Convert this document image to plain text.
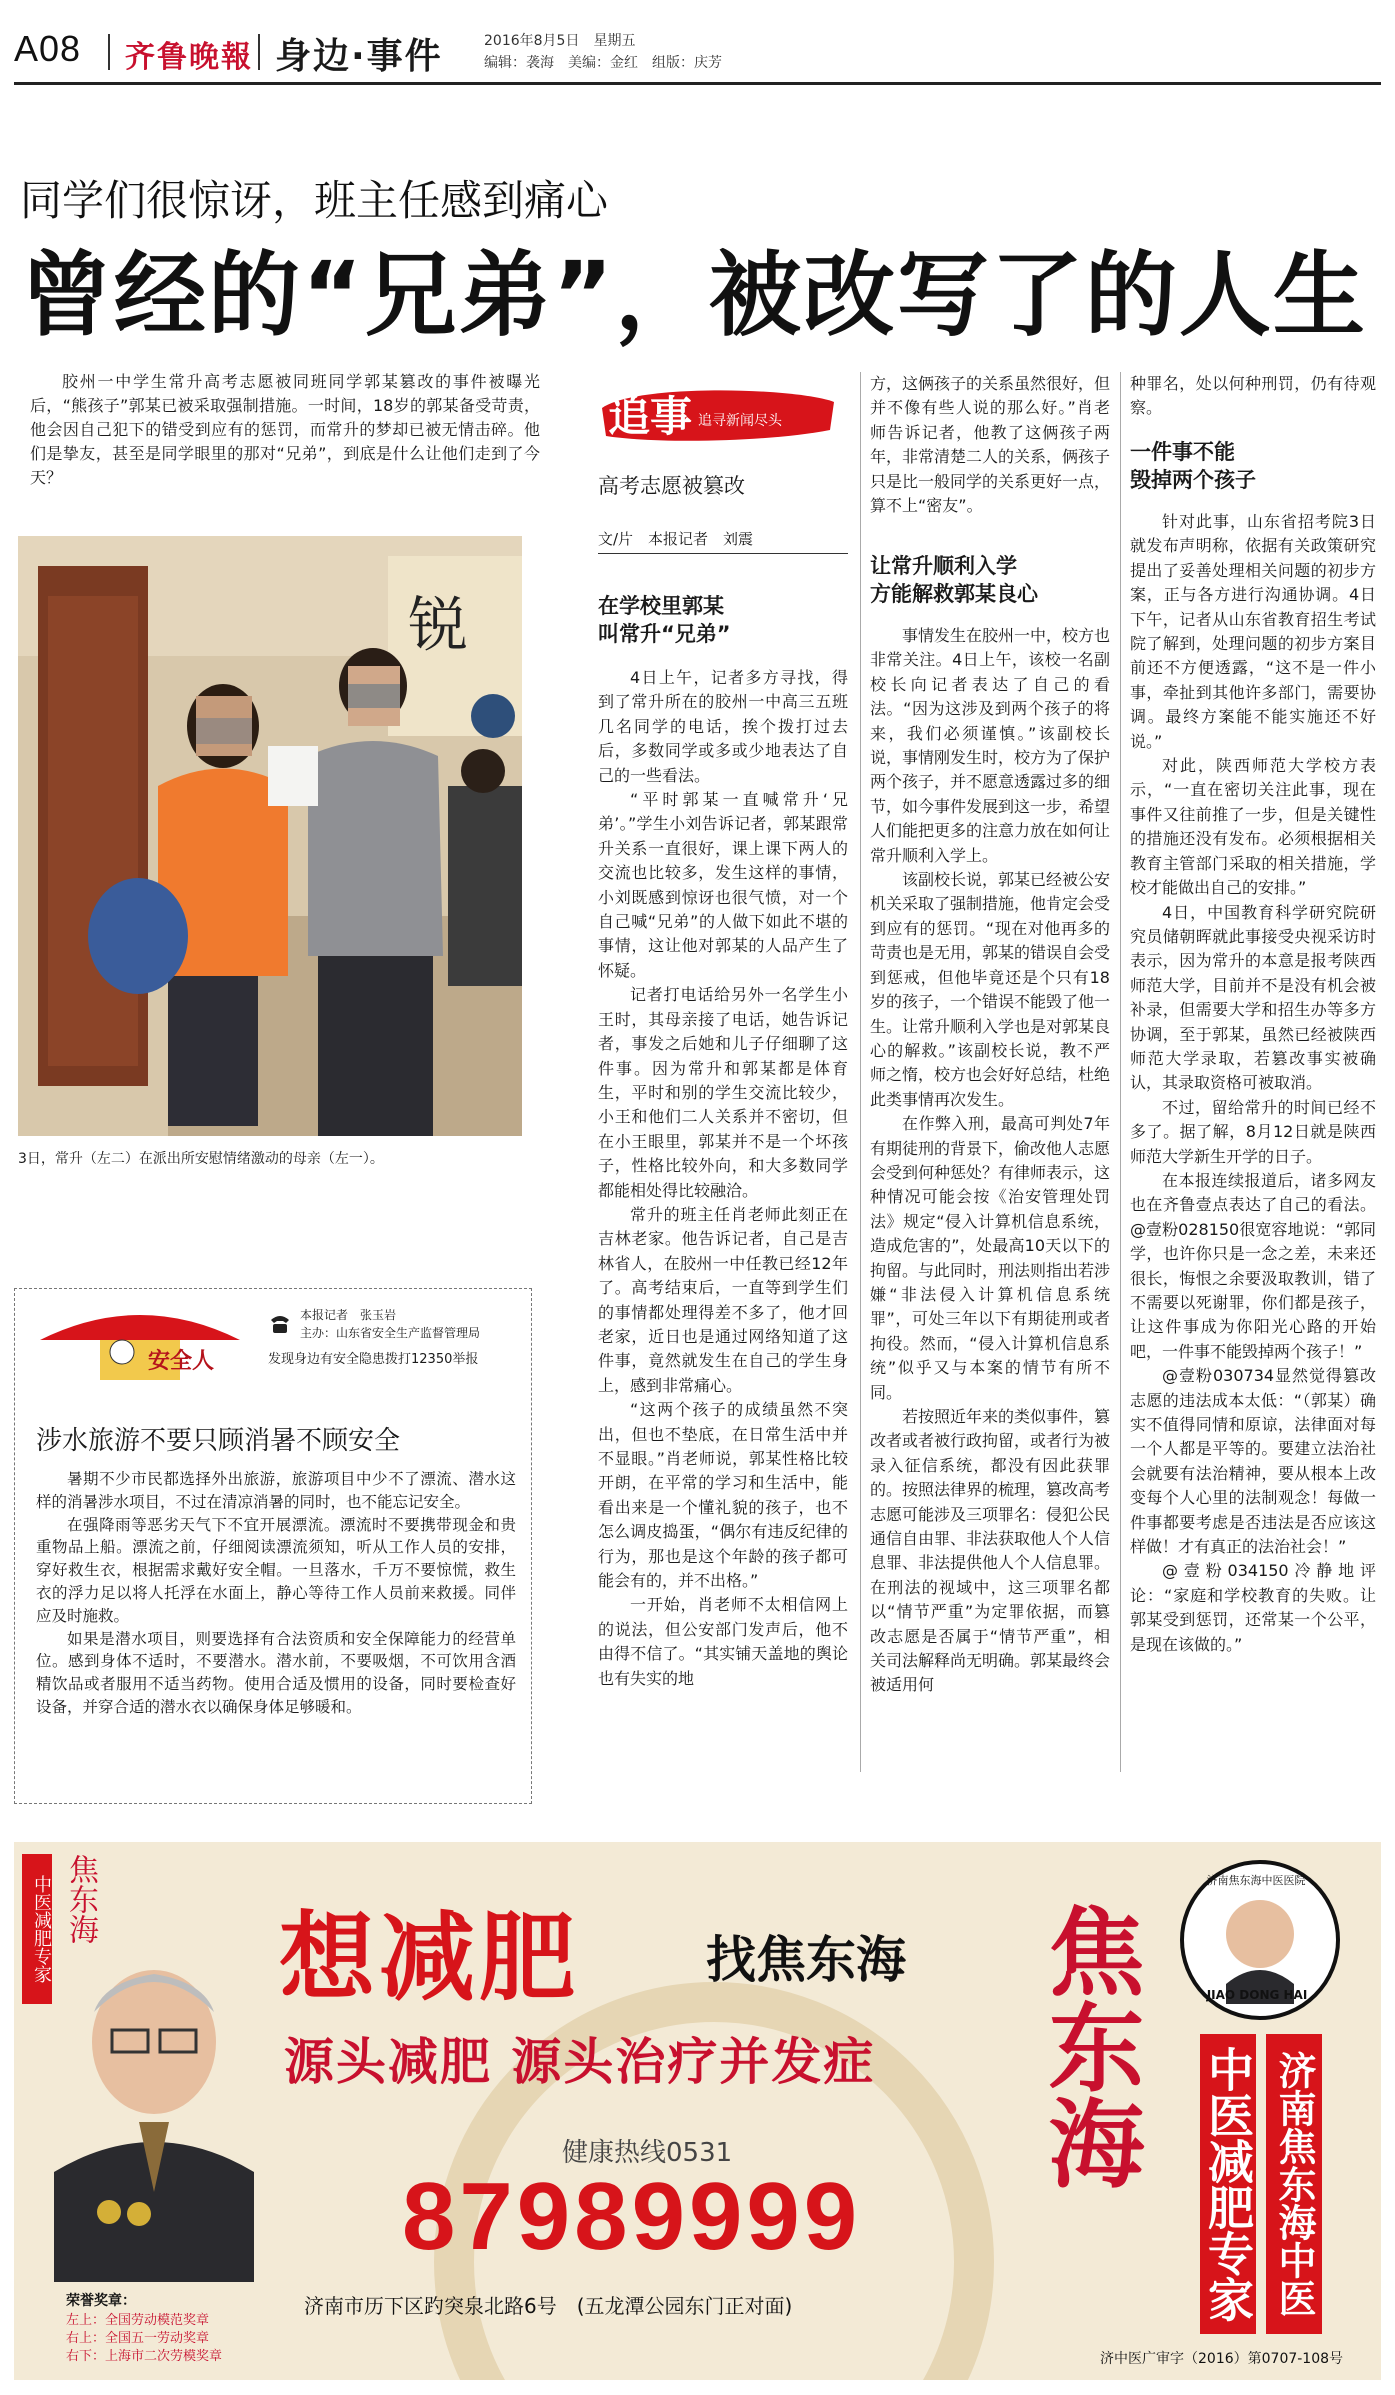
A08 齐鲁晚報 身边·事件	2016年8月5日　星期五
编辑：袭海　美编：金红　组版：庆芳
同学们很惊讶，班主任感到痛心
曾经的“兄弟”，被改写了的人生
胶州一中学生常升高考志愿被同班同学郭某篡改的事件被曝光后，“熊孩子”郭某已被采取强制措施。一时间，18岁的郭某备受苛责，他会因自己犯下的错受到应有的惩罚，而常升的梦却已被无情击碎。他们是挚友，甚至是同学眼里的那对“兄弟”，到底是什么让他们走到了今天？
锐
3日，常升（左二）在派出所安慰情绪激动的母亲（左一）。
追事
zhuishi
追寻新闻尽头
高考志愿被篡改
文/片　本报记者　刘震
在学校里郭某
叫常升“兄弟”

4日上午，记者多方寻找，得到了常升所在的胶州一中高三五班几名同学的电话，挨个拨打过去后，多数同学或多或少地表达了自己的一些看法。

“平时郭某一直喊常升‘兄弟’。”学生小刘告诉记者，郭某跟常升关系一直很好，课上课下两人的交流也比较多，发生这样的事情，小刘既感到惊讶也很气愤，对一个自己喊“兄弟”的人做下如此不堪的事情，这让他对郭某的人品产生了怀疑。

记者打电话给另外一名学生小王时，其母亲接了电话，她告诉记者，事发之后她和儿子仔细聊了这件事。因为常升和郭某都是体育生，平时和别的学生交流比较少，小王和他们二人关系并不密切，但在小王眼里，郭某并不是一个坏孩子，性格比较外向，和大多数同学都能相处得比较融洽。

常升的班主任肖老师此刻正在吉林老家。他告诉记者，自己是吉林省人，在胶州一中任教已经12年了。高考结束后，一直等到学生们的事情都处理得差不多了，他才回老家，近日也是通过网络知道了这件事，竟然就发生在自己的学生身上，感到非常痛心。

“这两个孩子的成绩虽然不突出，但也不垫底，在日常生活中并不显眼。”肖老师说，郭某性格比较开朗，在平常的学习和生活中，能看出来是一个懂礼貌的孩子，也不怎么调皮捣蛋，“偶尔有违反纪律的行为，那也是这个年龄的孩子都可能会有的，并不出格。”

一开始，肖老师不太相信网上的说法，但公安部门发声后，他不由得不信了。“其实铺天盖地的舆论也有失实的地

方，这俩孩子的关系虽然很好，但并不像有些人说的那么好。”肖老师告诉记者，他教了这俩孩子两年，非常清楚二人的关系，俩孩子只是比一般同学的关系更好一点，算不上“密友”。

让常升顺利入学
方能解救郭某良心

事情发生在胶州一中，校方也非常关注。4日上午，该校一名副校长向记者表达了自己的看法。“因为这涉及到两个孩子的将来，我们必须谨慎。”该副校长说，事情刚发生时，校方为了保护两个孩子，并不愿意透露过多的细节，如今事件发展到这一步，希望人们能把更多的注意力放在如何让常升顺利入学上。

该副校长说，郭某已经被公安机关采取了强制措施，他肯定会受到应有的惩罚。“现在对他再多的苛责也是无用，郭某的错误自会受到惩戒，但他毕竟还是个只有18岁的孩子，一个错误不能毁了他一生。让常升顺利入学也是对郭某良心的解救。”该副校长说，教不严师之惰，校方也会好好总结，杜绝此类事情再次发生。

在作弊入刑，最高可判处7年有期徒刑的背景下，偷改他人志愿会受到何种惩处？有律师表示，这种情况可能会按《治安管理处罚法》规定“侵入计算机信息系统，造成危害的”，处最高10天以下的拘留。与此同时，刑法则指出若涉嫌“非法侵入计算机信息系统罪”，可处三年以下有期徒刑或者拘役。然而，“侵入计算机信息系统”似乎又与本案的情节有所不同。

若按照近年来的类似事件，篡改者或者被行政拘留，或者行为被录入征信系统，都没有因此获罪的。按照法律界的梳理，篡改高考志愿可能涉及三项罪名：侵犯公民通信自由罪、非法获取他人个人信息罪、非法提供他人个人信息罪。在刑法的视域中，这三项罪名都以“情节严重”为定罪依据，而篡改志愿是否属于“情节严重”，相关司法解释尚无明确。郭某最终会被适用何

种罪名，处以何种刑罚，仍有待观察。

一件事不能
毁掉两个孩子

针对此事，山东省招考院3日就发布声明称，依据有关政策研究提出了妥善处理相关问题的初步方案，正与各方进行沟通协调。4日下午，记者从山东省教育招生考试院了解到，处理问题的初步方案目前还不方便透露，“这不是一件小事，牵扯到其他许多部门，需要协调。最终方案能不能实施还不好说。”

对此，陕西师范大学校方表示，“一直在密切关注此事，现在事件又往前推了一步，但是关键性的措施还没有发布。必须根据相关教育主管部门采取的相关措施，学校才能做出自己的安排。”

4日，中国教育科学研究院研究员储朝晖就此事接受央视采访时表示，因为常升的本意是报考陕西师范大学，目前并不是没有机会被补录，但需要大学和招生办等多方协调，至于郭某，虽然已经被陕西师范大学录取，若篡改事实被确认，其录取资格可被取消。

不过，留给常升的时间已经不多了。据了解，8月12日就是陕西师范大学新生开学的日子。

在本报连续报道后，诸多网友也在齐鲁壹点表达了自己的看法。@壹粉028150很宽容地说：“郭同学，也许你只是一念之差，未来还很长，悔恨之余要汲取教训，错了不需要以死谢罪，你们都是孩子，让这件事成为你阳光心路的开始吧，一件事不能毁掉两个孩子！”

@壹粉030734显然觉得篡改志愿的违法成本太低：“（郭某）确实不值得同情和原谅，法律面对每一个人都是平等的。要建立法治社会就要有法治精神，要从根本上改变每个人心里的法制观念！每做一件事都要考虑是否违法是否应该这样做！才有真正的法治社会！”

@壹粉034150冷静地评论：“家庭和学校教育的失败。让郭某受到惩罚，还常某一个公平，是现在该做的。”

安全人
本报记者　张玉岩
主办：山东省安全生产监督管理局
发现身边有安全隐患拨打12350举报
涉水旅游不要只顾消暑不顾安全

暑期不少市民都选择外出旅游，旅游项目中少不了漂流、潜水这样的消暑涉水项目，不过在清凉消暑的同时，也不能忘记安全。

在强降雨等恶劣天气下不宜开展漂流。漂流时不要携带现金和贵重物品上船。漂流之前，仔细阅读漂流须知，听从工作人员的安排，穿好救生衣，根据需求戴好安全帽。一旦落水，千万不要惊慌，救生衣的浮力足以将人托浮在水面上，静心等待工作人员前来救援。同伴应及时施救。

如果是潜水项目，则要选择有合法资质和安全保障能力的经营单位。感到身体不适时，不要潜水。潜水前，不要吸烟，不可饮用含酒精饮品或者服用不适当药物。使用合适及惯用的设备，同时要检查好设备，并穿合适的潜水衣以确保身体足够暖和。

中医减肥专家 焦东海
荣誉奖章：
左上：全国劳动模范奖章
右上：全国五一劳动奖章
右下：上海市二次劳模奖章
想减肥	找焦东海
源头减肥 源头治疗并发症
健康热线0531
87989999
济南市历下区趵突泉北路6号　(五龙潭公园东门正对面)
焦东海
济南焦东海中医医院
JIAO DONG HAI
中医减肥专家 济南焦东海中医
济中医广审字（2016）第0707-108号
